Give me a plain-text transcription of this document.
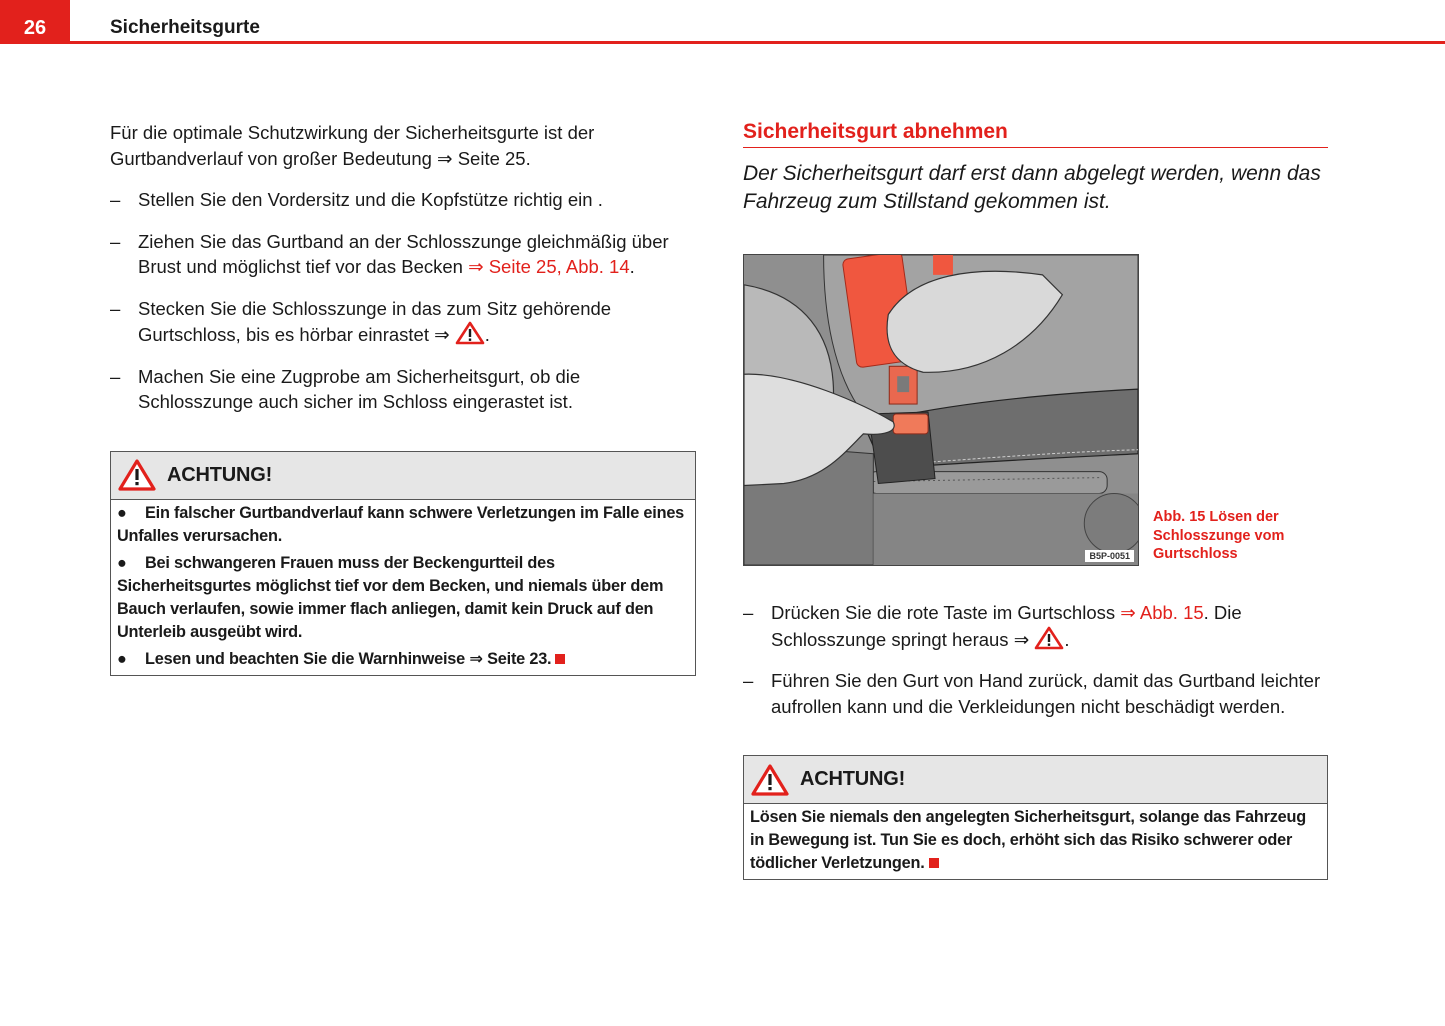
26	Sicherheitsgurte

Für die optimale Schutzwirkung der Sicherheitsgurte ist der Gurtbandverlauf von großer Bedeutung ⇒ Seite 25.

– Stellen Sie den Vordersitz und die Kopfstütze richtig ein .
– Ziehen Sie das Gurtband an der Schlosszunge gleichmäßig über Brust und möglichst tief vor das Becken ⇒ Seite 25, Abb. 14.
– Stecken Sie die Schlosszunge in das zum Sitz gehörende Gurtschloss, bis es hörbar einrastet ⇒ .
– Machen Sie eine Zugprobe am Sicherheitsgurt, ob die Schlosszunge auch sicher im Schloss eingerastet ist.
ACHTUNG!
● Ein falscher Gurtbandverlauf kann schwere Verletzungen im Falle eines Unfalles verursachen.
● Bei schwangeren Frauen muss der Beckengurtteil des Sicherheitsgurtes möglichst tief vor dem Becken, und niemals über dem Bauch verlaufen, sowie immer flach anliegen, damit kein Druck auf den Unterleib ausgeübt wird.
● Lesen und beachten Sie die Warnhinweise ⇒ Seite 23.
Sicherheitsgurt abnehmen

Der Sicherheitsgurt darf erst dann abgelegt werden, wenn das Fahrzeug zum Stillstand gekommen ist.

B5P-0051
Abb. 15 Lösen der Schlosszunge vom Gurtschloss
– Drücken Sie die rote Taste im Gurtschloss ⇒ Abb. 15. Die Schlosszunge springt heraus ⇒ .
– Führen Sie den Gurt von Hand zurück, damit das Gurtband leichter aufrollen kann und die Verkleidungen nicht beschädigt werden.
ACHTUNG!
Lösen Sie niemals den angelegten Sicherheitsgurt, solange das Fahrzeug in Bewegung ist. Tun Sie es doch, erhöht sich das Risiko schwerer oder tödlicher Verletzungen.
